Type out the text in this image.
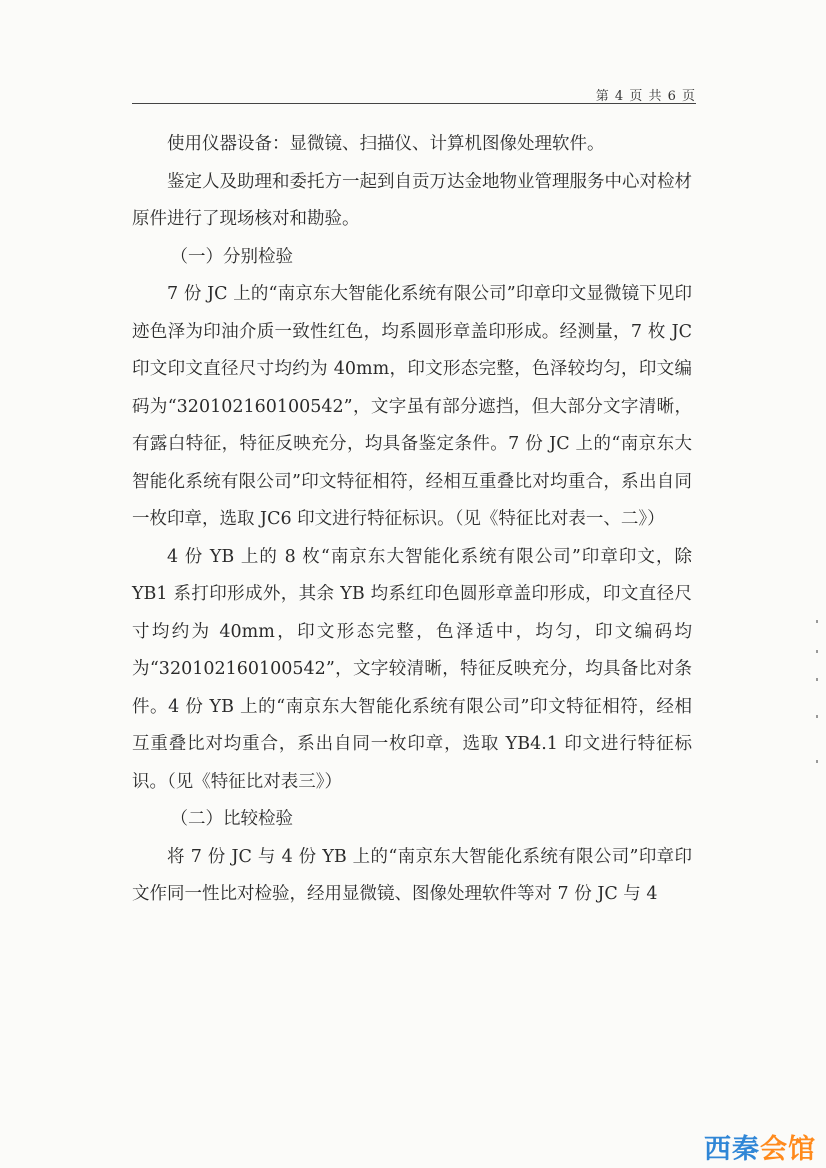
第 4 页 共 6 页

使用仪器设备：显微镜、扫描仪、计算机图像处理软件。

鉴定人及助理和委托方一起到自贡万达金地物业管理服务中心对检材原件进行了现场核对和勘验。

（一）分别检验

7 份 JC 上的“南京东大智能化系统有限公司”印章印文显微镜下见印迹色泽为印油介质一致性红色，均系圆形章盖印形成。经测量，7 枚 JC 印文印文直径尺寸均约为 40mm，印文形态完整，色泽较均匀，印文编码为“320102160100542”，文字虽有部分遮挡，但大部分文字清晰，有露白特征，特征反映充分，均具备鉴定条件。7 份 JC 上的“南京东大智能化系统有限公司”印文特征相符，经相互重叠比对均重合，系出自同一枚印章，选取 JC6 印文进行特征标识。（见《特征比对表一、二》）

4 份 YB 上的 8 枚“南京东大智能化系统有限公司”印章印文，除 YB1 系打印形成外，其余 YB 均系红印色圆形章盖印形成，印文直径尺寸均约为 40mm，印文形态完整，色泽适中，均匀，印文编码均为“320102160100542”，文字较清晰，特征反映充分，均具备比对条件。4 份 YB 上的“南京东大智能化系统有限公司”印文特征相符，经相互重叠比对均重合，系出自同一枚印章，选取 YB4.1 印文进行特征标识。（见《特征比对表三》）

（二）比较检验

将 7 份 JC 与 4 份 YB 上的“南京东大智能化系统有限公司”印章印文作同一性比对检验，经用显微镜、图像处理软件等对 7 份 JC 与 4

西秦会馆
